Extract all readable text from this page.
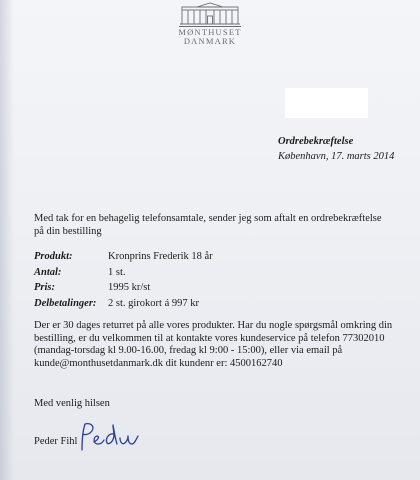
MØNTHUSET
DANMARK
Ordrebekræftelse
København, 17. marts 2014
Med tak for en behagelig telefonsamtale, sender jeg som aftalt en ordrebekræftelse på din bestilling
Produkt:	Kronprins Frederik 18 år
Antal:	1 st.
Pris:	1995 kr/st
Delbetalinger:	2 st. girokort á 997 kr
Der er 30 dages returret på alle vores produkter. Har du nogle spørgsmål omkring din
bestilling, er du velkommen til at kontakte vores kundeservice på telefon 77302010
(mandag-torsdag kl 9.00-16.00, fredag kl 9:00 - 15:00), eller via email på
kunde@monthusetdanmark.dk dit kundenr er: 4500162740
Med venlig hilsen
Peder Fihl
